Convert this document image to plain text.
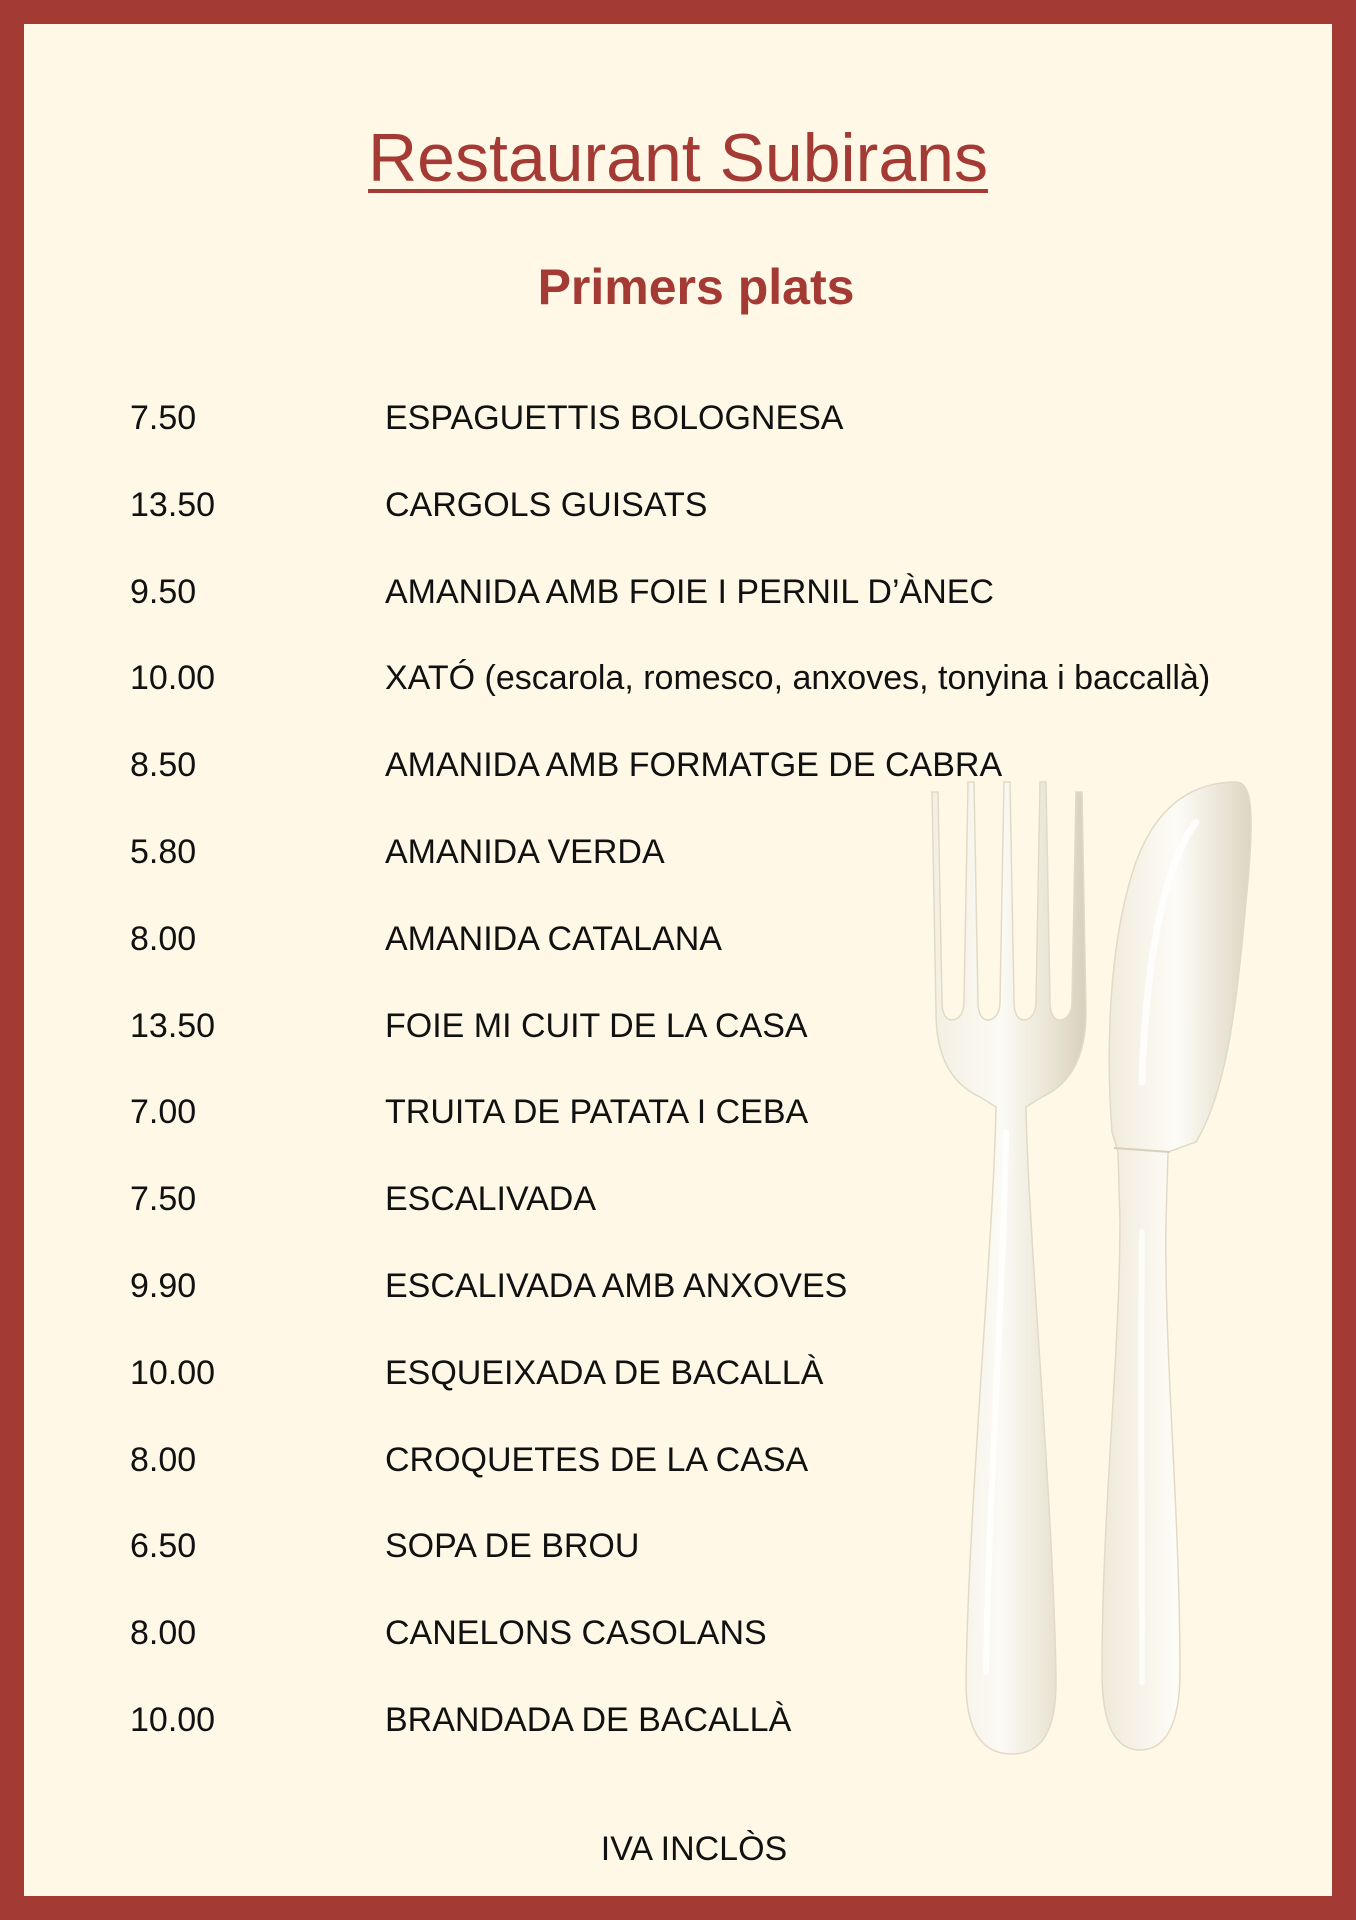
Restaurant Subirans
Primers plats
7.50	ESPAGUETTIS BOLOGNESA
13.50	CARGOLS GUISATS
9.50	AMANIDA AMB FOIE I PERNIL D’ÀNEC
10.00	XATÓ (escarola, romesco, anxoves, tonyina i baccallà)
8.50	AMANIDA AMB FORMATGE DE CABRA
5.80	AMANIDA VERDA
8.00	AMANIDA CATALANA
13.50	FOIE MI CUIT DE LA CASA
7.00	TRUITA DE PATATA I CEBA
7.50	ESCALIVADA
9.90	ESCALIVADA AMB ANXOVES
10.00	ESQUEIXADA DE BACALLÀ
8.00	CROQUETES DE LA CASA
6.50	SOPA DE BROU
8.00	CANELONS CASOLANS
10.00	BRANDADA DE BACALLÀ

IVA INCLÒS
